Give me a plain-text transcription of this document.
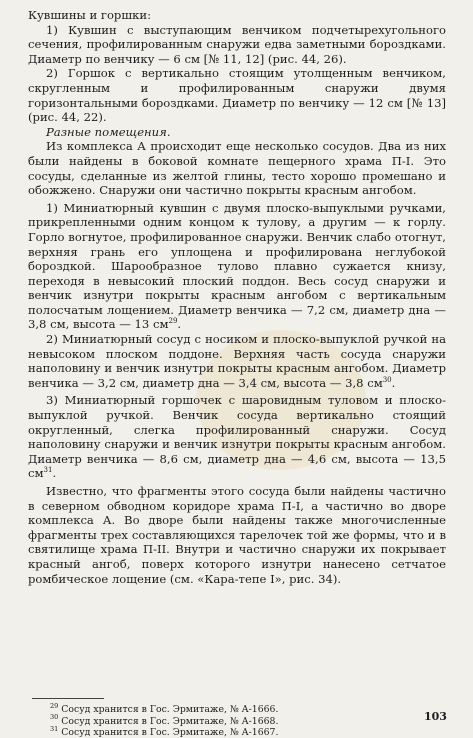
Кувшины и горшки:

1) Кувшин с выступающим венчиком подчетырехугольного сечения, профилированным снаружи едва заметными бороздками. Диаметр по венчику — 6 см [№ 11, 12] (рис. 44, 26).

2) Горшок с вертикально стоящим утолщенным венчиком, скругленным и профилированным снаружи двумя горизонтальными бороздками. Диаметр по венчику — 12 см [№ 13] (рис. 44, 22).

Разные помещения.

Из комплекса А происходит еще несколько сосудов. Два из них были найдены в боковой комнате пещерного храма П-I. Это сосуды, сделанные из желтой глины, тесто хорошо промешано и обожжено. Снаружи они частично покрыты красным ангобом.

1) Миниатюрный кувшин с двумя плоско-выпуклыми ручками, прикрепленными одним концом к тулову, а другим — к горлу. Горло вогнутое, профилированное снаружи. Венчик слабо отогнут, верхняя грань его уплощена и профилирована неглубокой бороздкой. Шарообразное тулово плавно сужается книзу, переходя в невысокий плоский поддон. Весь сосуд снаружи и венчик изнутри покрыты красным ангобом с вертикальным полосчатым лощением. Диаметр венчика — 7,2 см, диаметр дна — 3,8 см, высота — 13 $см^{29}$.

2) Миниатюрный сосуд с носиком и плоско-выпуклой ручкой на невысоком плоском поддоне. Верхняя часть сосуда снаружи наполовину и венчик изнутри покрыты красным ангобом. Диаметр венчика — 3,2 см, диаметр дна — 3,4 см, высота — 3,8 $см^{30}$.

3) Миниатюрный горшочек с шаровидным туловом и плоско-выпуклой ручкой. Венчик сосуда вертикально стоящий округленный, слегка профилированный снаружи. Сосуд наполовину снаружи и венчик изнутри покрыты красным ангобом. Диаметр венчика — 8,6 см, диаметр дна — 4,6 см, высота — 13,5 $см^{31}$.

Известно, что фрагменты этого сосуда были найдены частично в северном обводном коридоре храма П-I, а частично во дворе комплекса А. Во дворе были найдены также многочисленные фрагменты трех составляющихся тарелочек той же формы, что и в святилище храма П-II. Внутри и частично снаружи их покрывает красный ангоб, поверх которого изнутри нанесено сетчатое ромбическое лощение (см. «Кара-тепе I», рис. 34).

$^{29}$ Сосуд хранится в Гос. Эрмитаже, № А-1666.

$^{30}$ Сосуд хранится в Гос. Эрмитаже, № А-1668.

$^{31}$ Сосуд хранится в Гос. Эрмитаже, № А-1667.

103
